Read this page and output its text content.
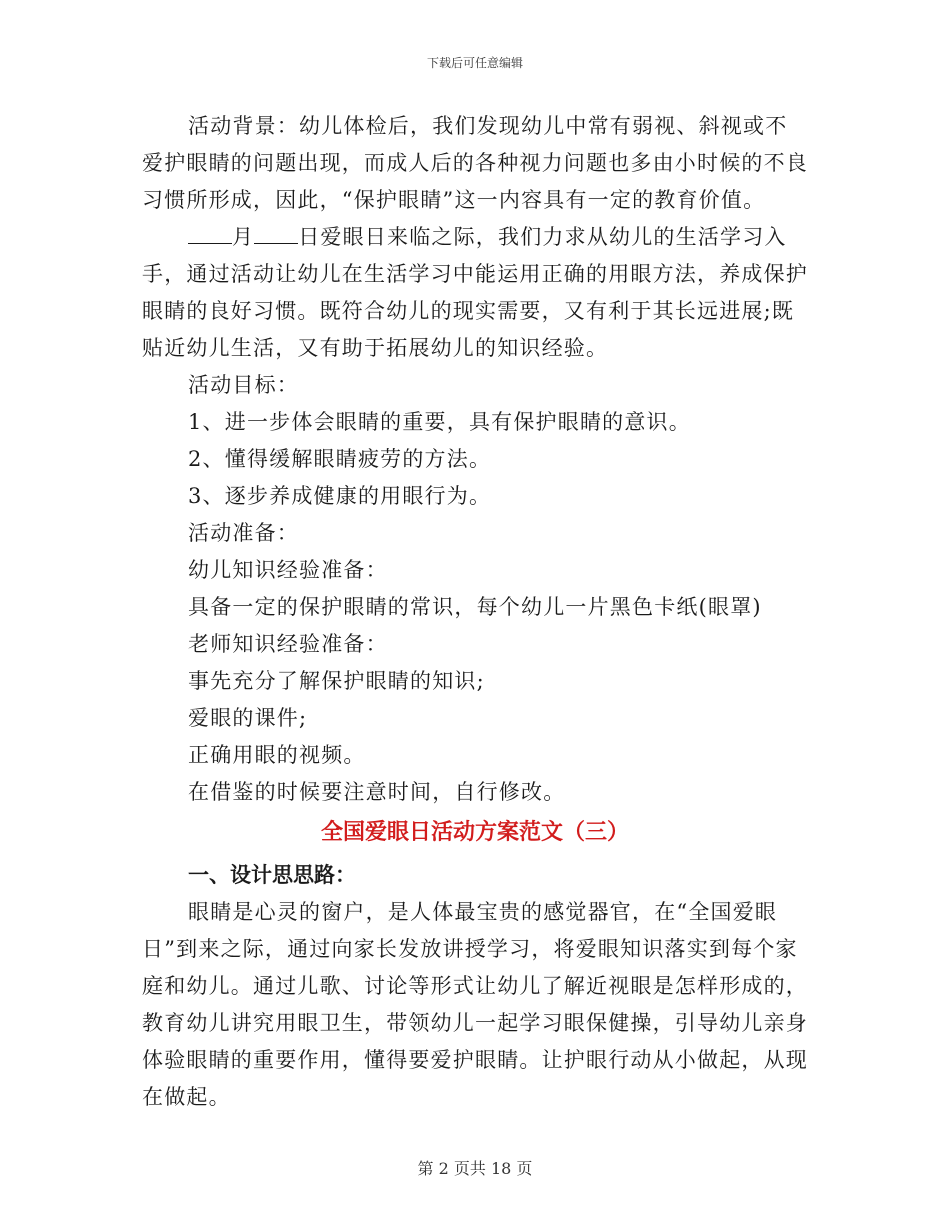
下载后可任意编辑

活动背景：幼儿体检后，我们发现幼儿中常有弱视、斜视或不爱护眼睛的问题出现，而成人后的各种视力问题也多由小时候的不良习惯所形成，因此，“保护眼睛”这一内容具有一定的教育价值。

月 日爱眼日来临之际，我们力求从幼儿的生活学习入手，通过活动让幼儿在生活学习中能运用正确的用眼方法，养成保护眼睛的良好习惯。既符合幼儿的现实需要，又有利于其长远进展;既贴近幼儿生活，又有助于拓展幼儿的知识经验。

活动目标：

1、进一步体会眼睛的重要，具有保护眼睛的意识。

2、懂得缓解眼睛疲劳的方法。

3、逐步养成健康的用眼行为。

活动准备：

幼儿知识经验准备：

具备一定的保护眼睛的常识，每个幼儿一片黑色卡纸(眼罩)

老师知识经验准备：

事先充分了解保护眼睛的知识;

爱眼的课件;

正确用眼的视频。

在借鉴的时候要注意时间，自行修改。

全国爱眼日活动方案范文（三）

一、设计思思路：

眼睛是心灵的窗户，是人体最宝贵的感觉器官，在“全国爱眼日”到来之际，通过向家长发放讲授学习，将爱眼知识落实到每个家庭和幼儿。通过儿歌、讨论等形式让幼儿了解近视眼是怎样形成的，教育幼儿讲究用眼卫生，带领幼儿一起学习眼保健操，引导幼儿亲身体验眼睛的重要作用，懂得要爱护眼睛。让护眼行动从小做起，从现在做起。

第 2 页共 18 页
